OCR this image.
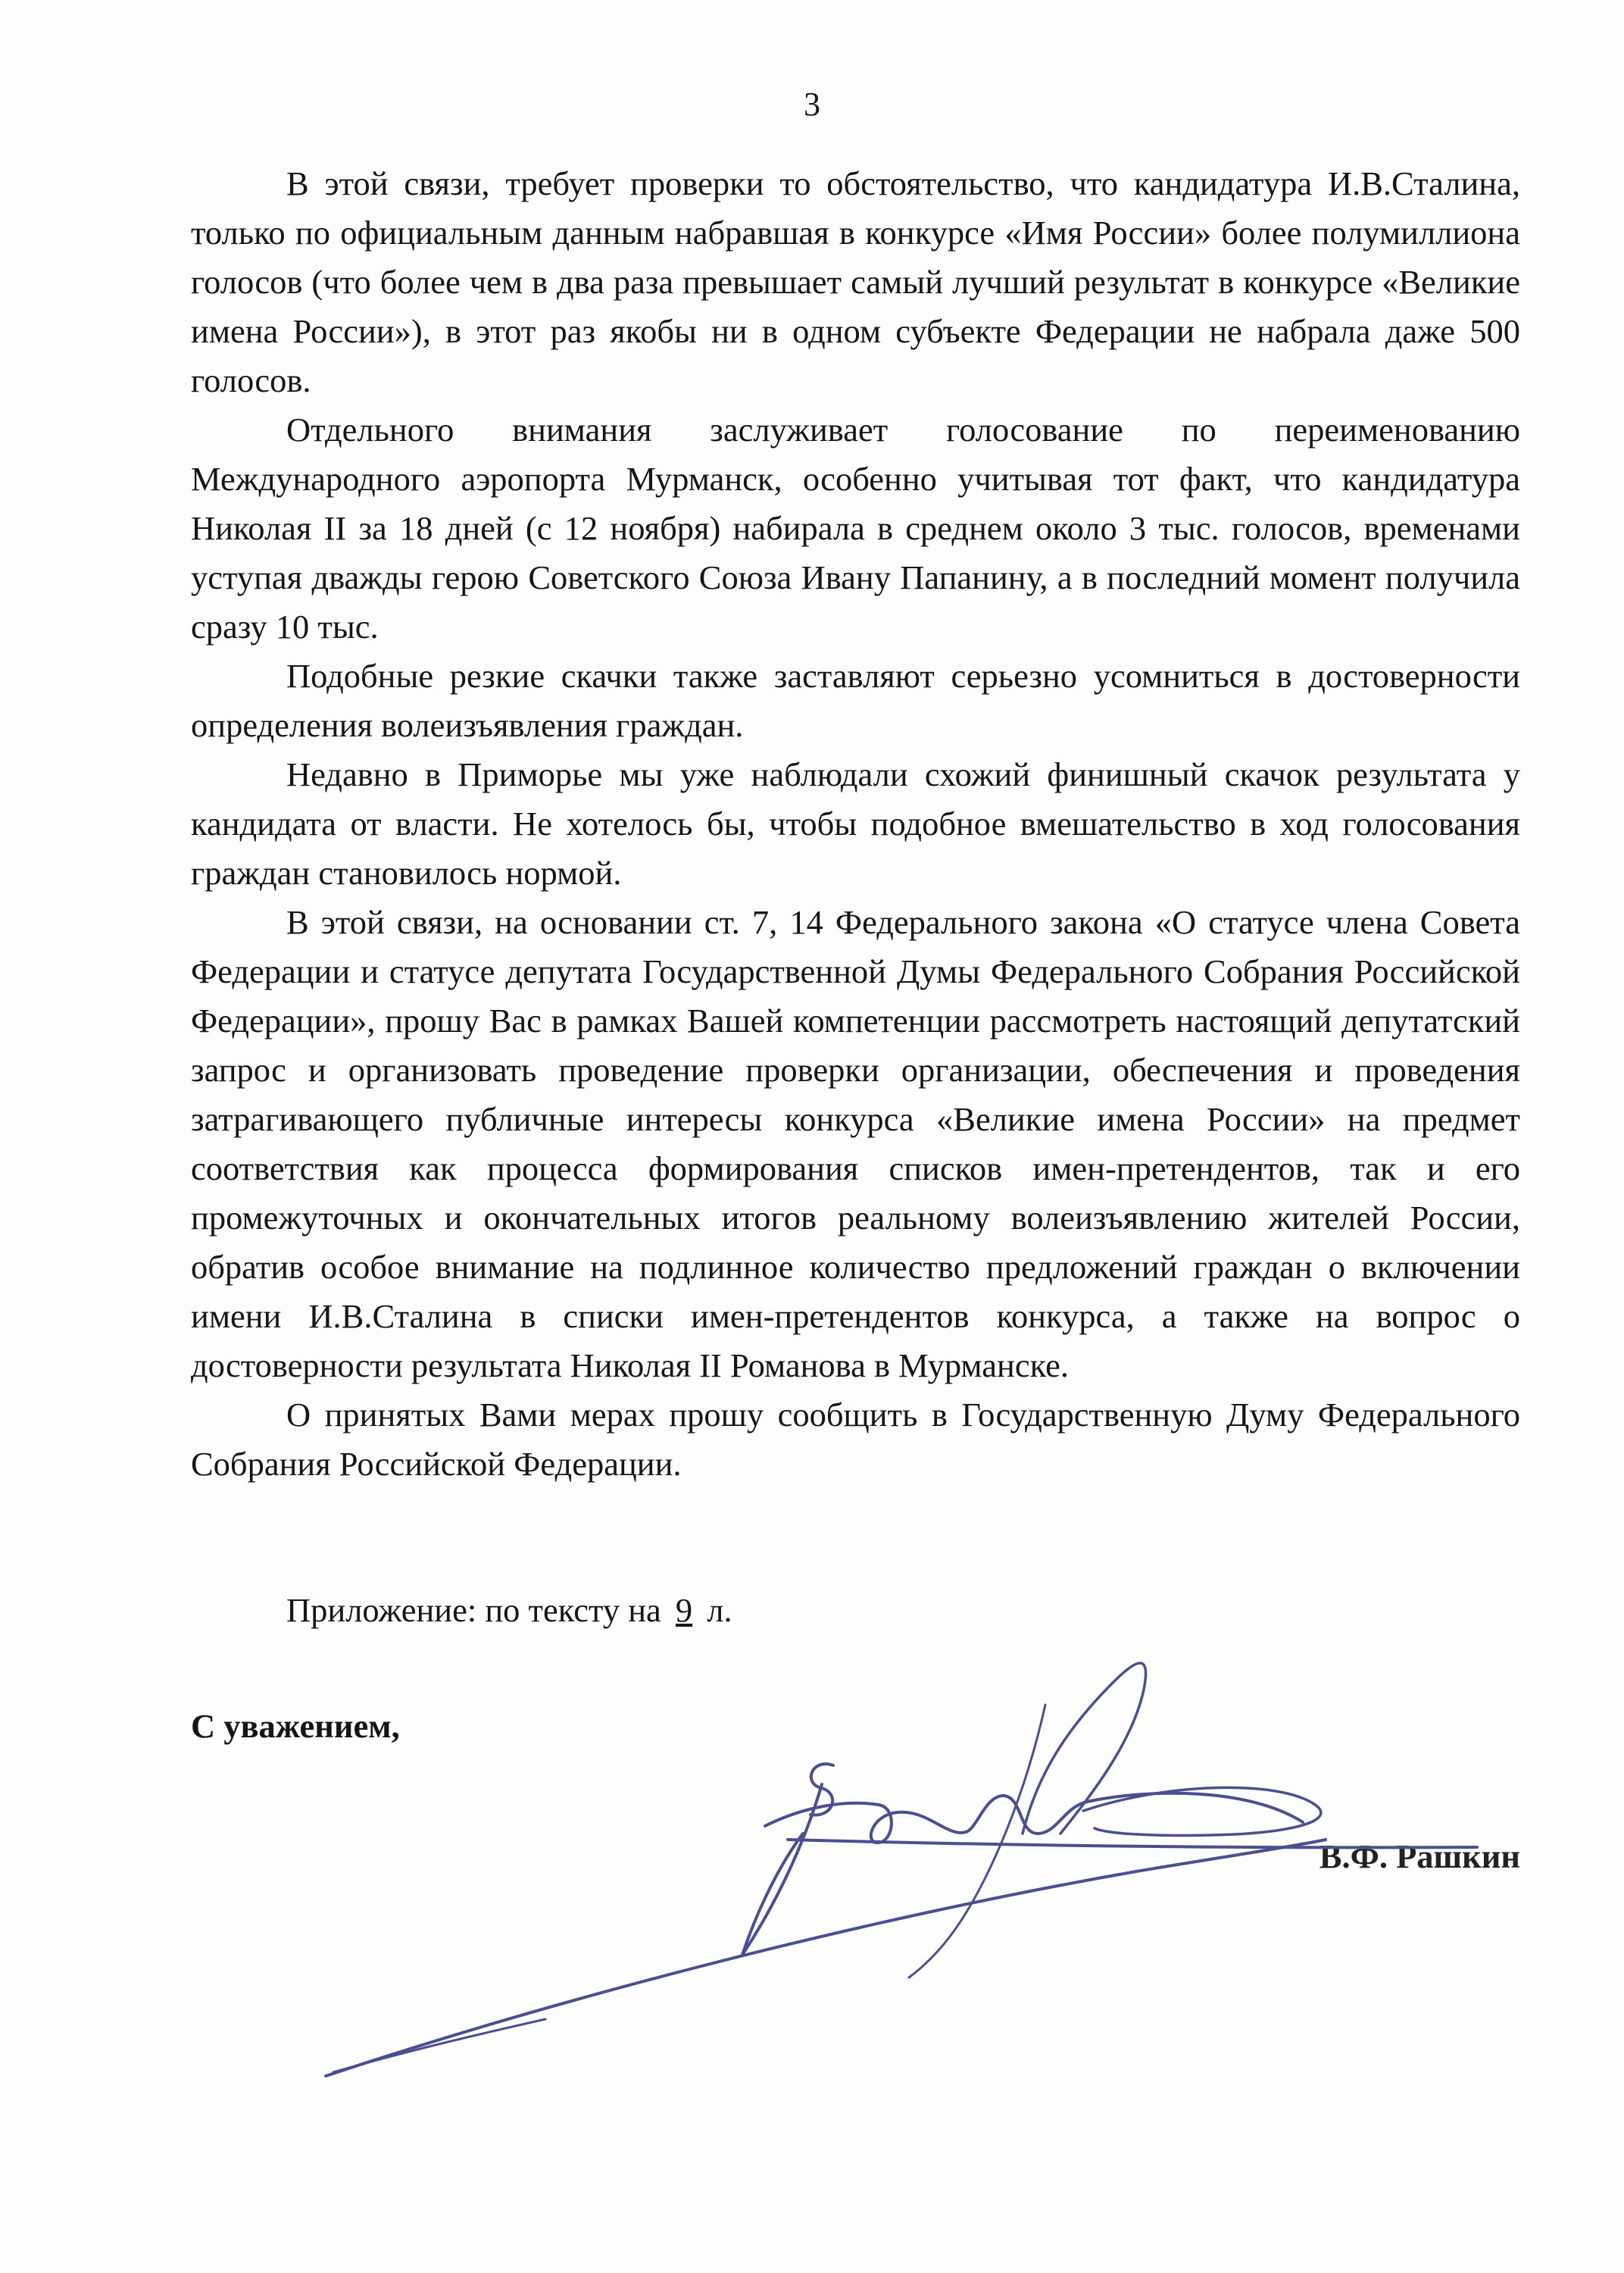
3

В этой связи, требует проверки то обстоятельство, что кандидатура И.В.Сталина, только по официальным данным набравшая в конкурсе «Имя России» более полумиллиона голосов (что более чем в два раза превышает самый лучший результат в конкурсе «Великие имена России»), в этот раз якобы ни в одном субъекте Федерации не набрала даже 500 голосов.

Отдельного внимания заслуживает голосование по переименованию Международного аэропорта Мурманск, особенно учитывая тот факт, что кандидатура Николая II за 18 дней (с 12 ноября) набирала в среднем около 3 тыс. голосов, временами уступая дважды герою Советского Союза Ивану Папанину, а в последний момент получила сразу 10 тыс.

Подобные резкие скачки также заставляют серьезно усомниться в достоверности определения волеизъявления граждан.

Недавно в Приморье мы уже наблюдали схожий финишный скачок результата у кандидата от власти. Не хотелось бы, чтобы подобное вмешательство в ход голосования граждан становилось нормой.

В этой связи, на основании ст. 7, 14 Федерального закона «О статусе члена Совета Федерации и статусе депутата Государственной Думы Федерального Собрания Российской Федерации», прошу Вас в рамках Вашей компетенции рассмотреть настоящий депутатский запрос и организовать проведение проверки организации, обеспечения и проведения затрагивающего публичные интересы конкурса «Великие имена России» на предмет соответствия как процесса формирования списков имен-претендентов, так и его промежуточных и окончательных итогов реальному волеизъявлению жителей России, обратив особое внимание на подлинное количество предложений граждан о включении имени И.В.Сталина в списки имен-претендентов конкурса, а также на вопрос о достоверности результата Николая II Романова в Мурманске.

О принятых Вами мерах прошу сообщить в Государственную Думу Федерального Собрания Российской Федерации.

Приложение: по тексту на 9 л.
С уважением,
В.Ф. Рашкин
